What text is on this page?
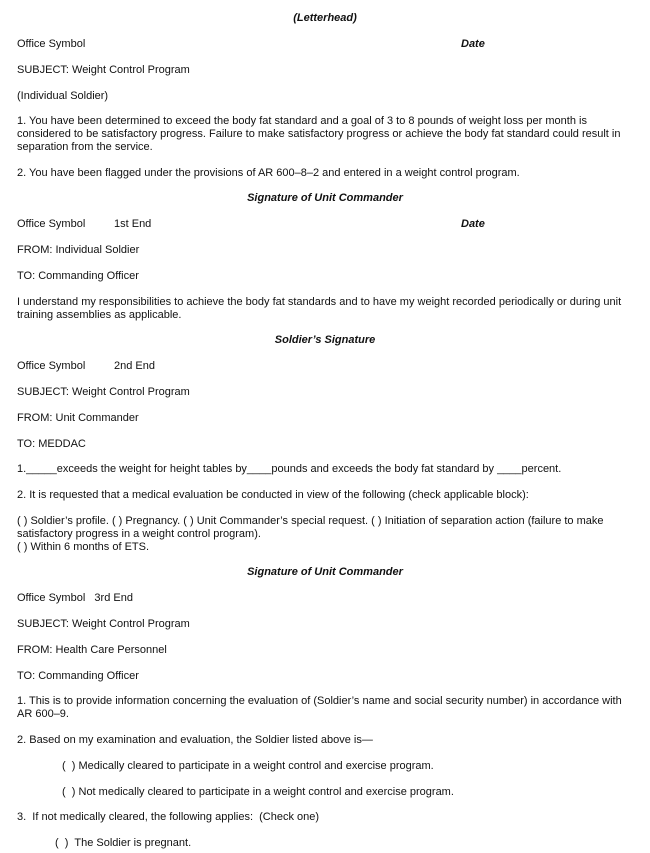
(Letterhead)
Office Symbol	Date
SUBJECT: Weight Control Program
(Individual Soldier)
1. You have been determined to exceed the body fat standard and a goal of 3 to 8 pounds of weight loss per month is considered to be satisfactory progress. Failure to make satisfactory progress or achieve the body fat standard could result in separation from the service.
2. You have been flagged under the provisions of AR 600–8–2 and entered in a weight control program.
Signature of Unit Commander
Office Symbol	1st End	Date
FROM: Individual Soldier
TO: Commanding Officer
I understand my responsibilities to achieve the body fat standards and to have my weight recorded periodically or during unit training assemblies as applicable.
Soldier’s Signature
Office Symbol	2nd End
SUBJECT: Weight Control Program
FROM: Unit Commander
TO: MEDDAC
1._____exceeds the weight for height tables by____pounds and exceeds the body fat standard by ____percent.
2. It is requested that a medical evaluation be conducted in view of the following (check applicable block):
( ) Soldier’s profile. ( ) Pregnancy. ( ) Unit Commander’s special request. ( ) Initiation of separation action (failure to make satisfactory progress in a weight control program).
( ) Within 6 months of ETS.
Signature of Unit Commander
Office Symbol   3rd End
SUBJECT: Weight Control Program
FROM: Health Care Personnel
TO: Commanding Officer
1. This is to provide information concerning the evaluation of (Soldier’s name and social security number) in accordance with AR 600–9.
2. Based on my examination and evaluation, the Soldier listed above is—
(  ) Medically cleared to participate in a weight control and exercise program.
(  ) Not medically cleared to participate in a weight control and exercise program.
3.  If not medically cleared, the following applies:  (Check one)
(  )  The Soldier is pregnant.
